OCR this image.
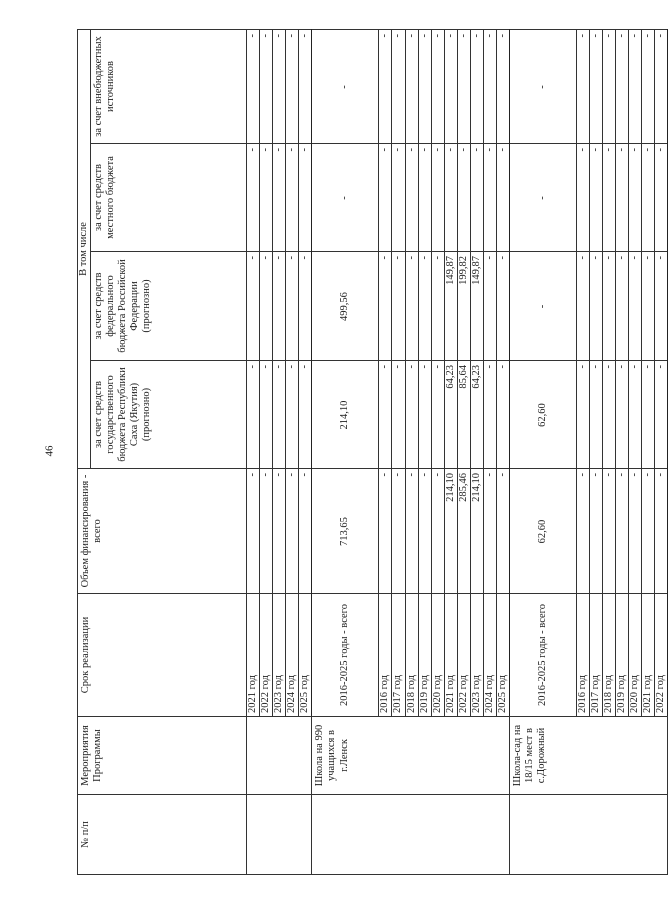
46
№ п/п	Мероприятия Программы	Срок реализации	Объем финансирования - всего	В том числе			
				за счет средств государственного бюджета Республики Саха (Якутия) (прогнозно)	за счет средств федерального бюджета Российской Федерации (прогнозно)	за счет средств местного бюджета	за счет внебюджетных источников
		2021 год	-	-	-	-	-
		2022 год	-	-	-	-	-
		2023 год	-	-	-	-	-
		2024 год	-	-	-	-	-
		2025 год	-	-	-	-	-
	Школа на 990 учащихся в г.Ленск	2016-2025 годы - всего	713,65	214,10	499,56	-	-
		2016 год	-	-	-	-	-
		2017 год	-	-	-	-	-
		2018 год	-	-	-	-	-
		2019 год	-	-	-	-	-
		2020 год	-	-	-	-	-
		2021 год	214,10	64,23	149,87	-	-
		2022 год	285,46	85,64	199,82	-	-
		2023 год	214,10	64,23	149,87	-	-
		2024 год	-	-	-	-	-
		2025 год	-	-	-	-	-
	Школа-сад на 18/15 мест в с.Дорожный	2016-2025 годы - всего	62,60	62,60	-	-	-
		2016 год	-	-	-	-	-
		2017 год	-	-	-	-	-
		2018 год	-	-	-	-	-
		2019 год	-	-	-	-	-
		2020 год	-	-	-	-	-
		2021 год	-	-	-	-	-
		2022 год	-	-	-	-	-
